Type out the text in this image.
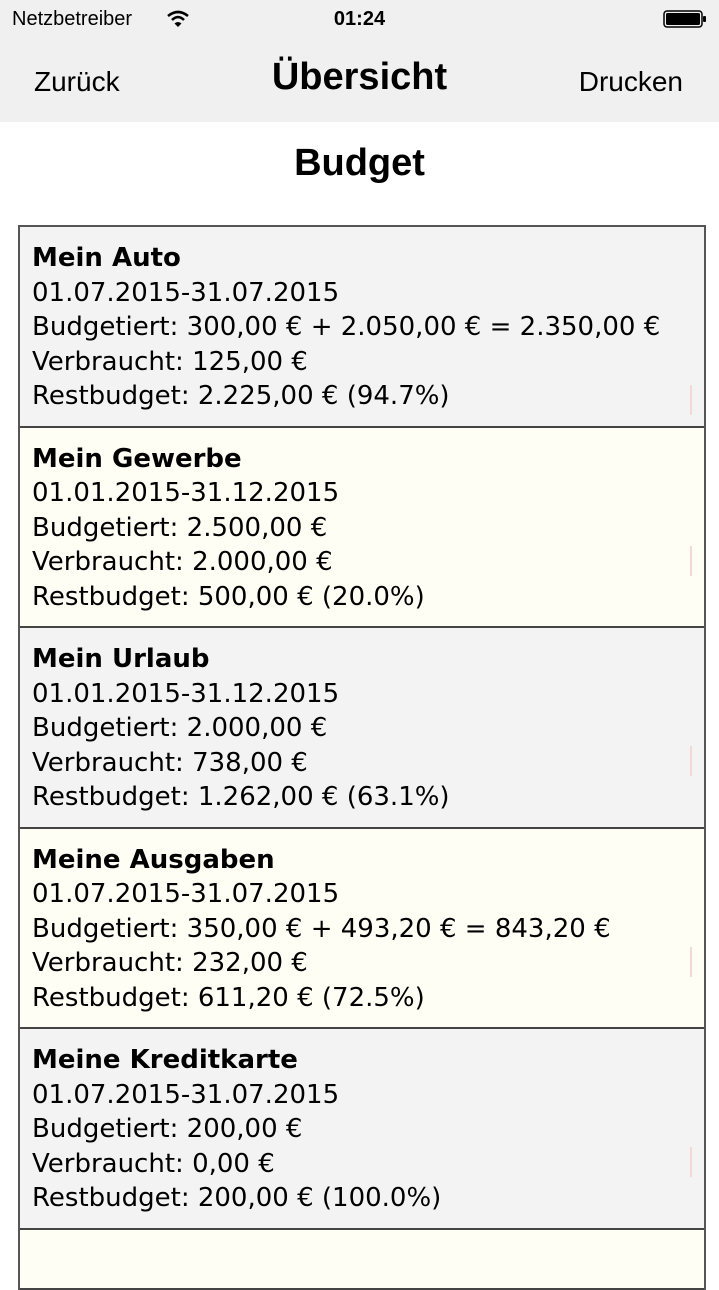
Netzbetreiber	01:24
Zurück	Übersicht	Drucken
Budget
Mein Auto
01.07.2015-31.07.2015
Budgetiert: 300,00 € + 2.050,00 € = 2.350,00 €
Verbraucht: 125,00 €
Restbudget: 2.225,00 € (94.7%)
Mein Gewerbe
01.01.2015-31.12.2015
Budgetiert: 2.500,00 €
Verbraucht: 2.000,00 €
Restbudget: 500,00 € (20.0%)
Mein Urlaub
01.01.2015-31.12.2015
Budgetiert: 2.000,00 €
Verbraucht: 738,00 €
Restbudget: 1.262,00 € (63.1%)
Meine Ausgaben
01.07.2015-31.07.2015
Budgetiert: 350,00 € + 493,20 € = 843,20 €
Verbraucht: 232,00 €
Restbudget: 611,20 € (72.5%)
Meine Kreditkarte
01.07.2015-31.07.2015
Budgetiert: 200,00 €
Verbraucht: 0,00 €
Restbudget: 200,00 € (100.0%)
